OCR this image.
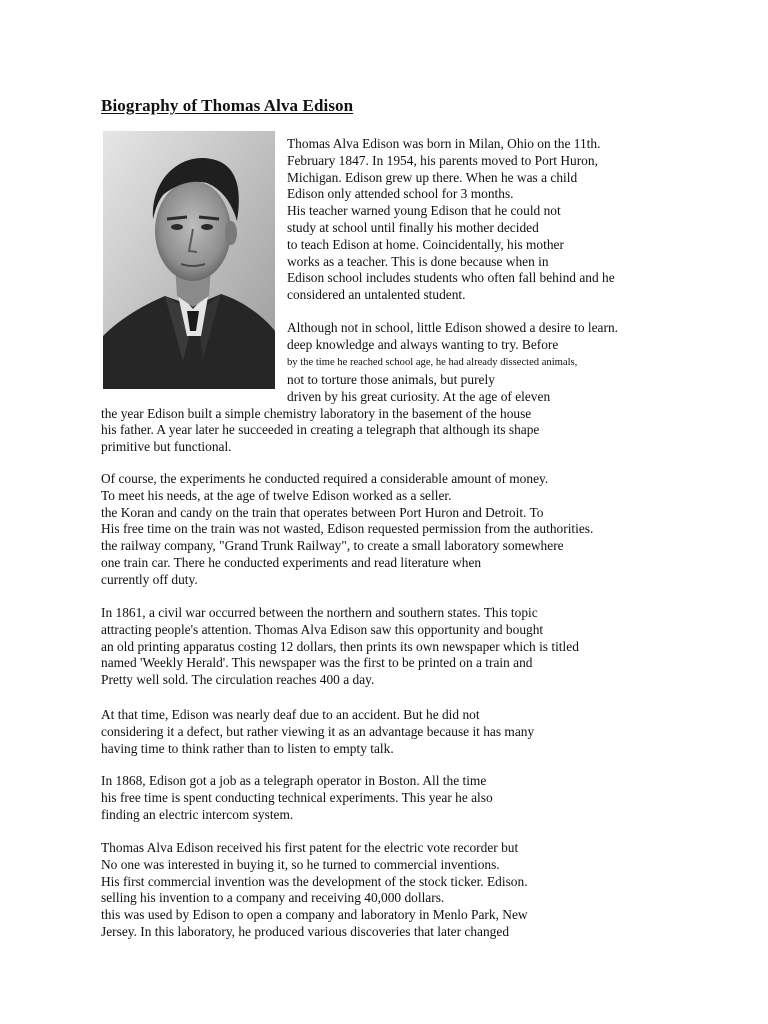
Biography of Thomas Alva Edison
Thomas Alva Edison was born in Milan, Ohio on the 11th.
February 1847. In 1954, his parents moved to Port Huron,
Michigan. Edison grew up there. When he was a child
Edison only attended school for 3 months.
His teacher warned young Edison that he could not
study at school until finally his mother decided
to teach Edison at home. Coincidentally, his mother
works as a teacher. This is done because when in
Edison school includes students who often fall behind and he
considered an untalented student.
Although not in school, little Edison showed a desire to learn.
deep knowledge and always wanting to try. Before
by the time he reached school age, he had already dissected animals,
not to torture those animals, but purely
driven by his great curiosity. At the age of eleven
the year Edison built a simple chemistry laboratory in the basement of the house
his father. A year later he succeeded in creating a telegraph that although its shape
primitive but functional.
Of course, the experiments he conducted required a considerable amount of money.
To meet his needs, at the age of twelve Edison worked as a seller.
the Koran and candy on the train that operates between Port Huron and Detroit. To
His free time on the train was not wasted, Edison requested permission from the authorities.
the railway company, "Grand Trunk Railway", to create a small laboratory somewhere
one train car. There he conducted experiments and read literature when
currently off duty.
In 1861, a civil war occurred between the northern and southern states. This topic
attracting people's attention. Thomas Alva Edison saw this opportunity and bought
an old printing apparatus costing 12 dollars, then prints its own newspaper which is titled
named 'Weekly Herald'. This newspaper was the first to be printed on a train and
Pretty well sold. The circulation reaches 400 a day.
At that time, Edison was nearly deaf due to an accident. But he did not
considering it a defect, but rather viewing it as an advantage because it has many
having time to think rather than to listen to empty talk.
In 1868, Edison got a job as a telegraph operator in Boston. All the time
his free time is spent conducting technical experiments. This year he also
finding an electric intercom system.
Thomas Alva Edison received his first patent for the electric vote recorder but
No one was interested in buying it, so he turned to commercial inventions.
His first commercial invention was the development of the stock ticker. Edison.
selling his invention to a company and receiving 40,000 dollars.
this was used by Edison to open a company and laboratory in Menlo Park, New
Jersey. In this laboratory, he produced various discoveries that later changed
